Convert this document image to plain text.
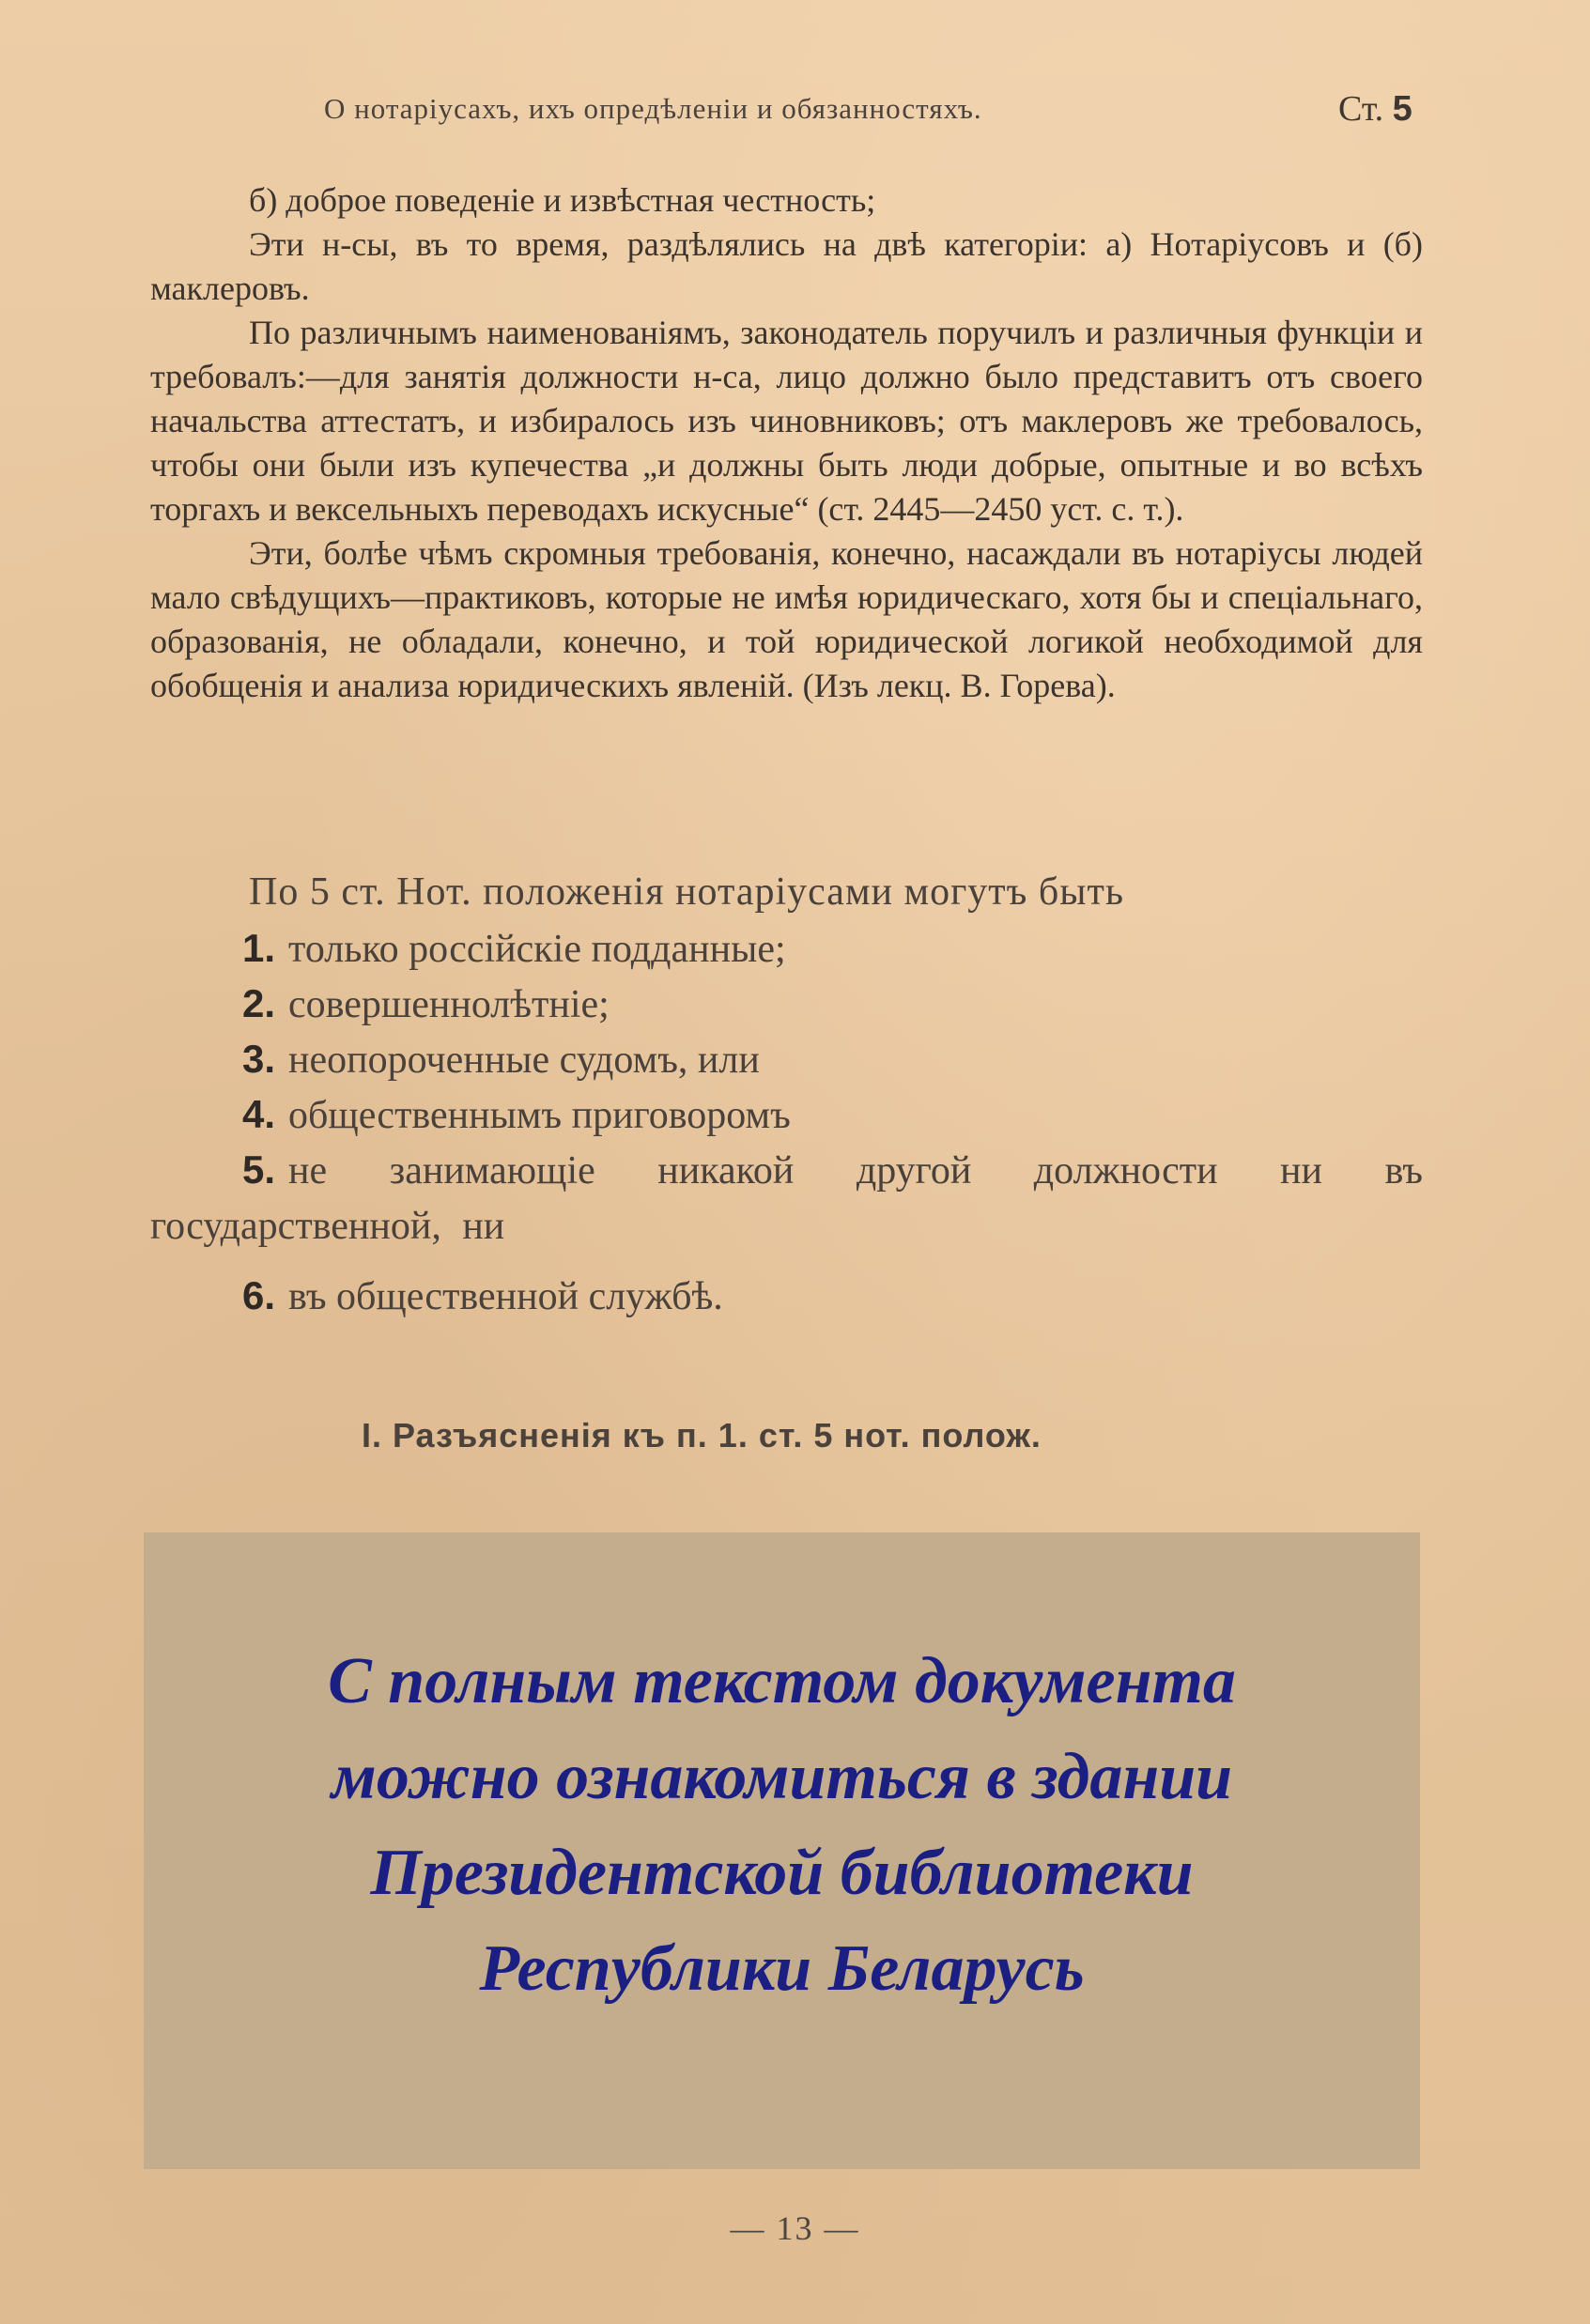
О нотаріусахъ, ихъ опредѣленіи и обязанностяхъ.	Ст. 5

б) доброе поведеніе и извѣстная честность;

Эти н-сы, въ то время, раздѣлялись на двѣ категоріи: а) Нотаріусовъ и (б) маклеровъ.

По различнымъ наименованіямъ, законодатель поручилъ и различныя функціи и требовалъ:—для занятія должности н-са, лицо должно было представитъ отъ своего начальства аттестатъ, и избиралось изъ чиновниковъ; отъ маклеровъ же требовалось, чтобы они были изъ купечества „и должны быть люди добрые, опытные и во всѣхъ торгахъ и вексельныхъ переводахъ искусные“ (ст. 2445—2450 уст. с. т.).

Эти, болѣе чѣмъ скромныя требованія, конечно, насаждали въ нотаріусы людей мало свѣдущихъ—практиковъ, которые не имѣя юридическаго, хотя бы и спеціальнаго, образованія, не обладали, конечно, и той юридической логикой необходимой для обобщенія и анализа юридическихъ явленій. (Изъ лекц. В. Горева).

По 5 ст. Нот. положенія нотаріусами могутъ быть
1. только россійскіе подданные;
2. совершеннолѣтніе;
3. неопороченные судомъ, или
4. общественнымъ приговоромъ
5. не занимающіе никакой другой должности ни въ государственной, ни
6. въ общественной службѣ.
I. Разъясненія къ п. 1. ст. 5 нот. полож.
С полным текстом документа
можно ознакомиться в здании
Президентской библиотеки
Республики Беларусь
— 13 —
